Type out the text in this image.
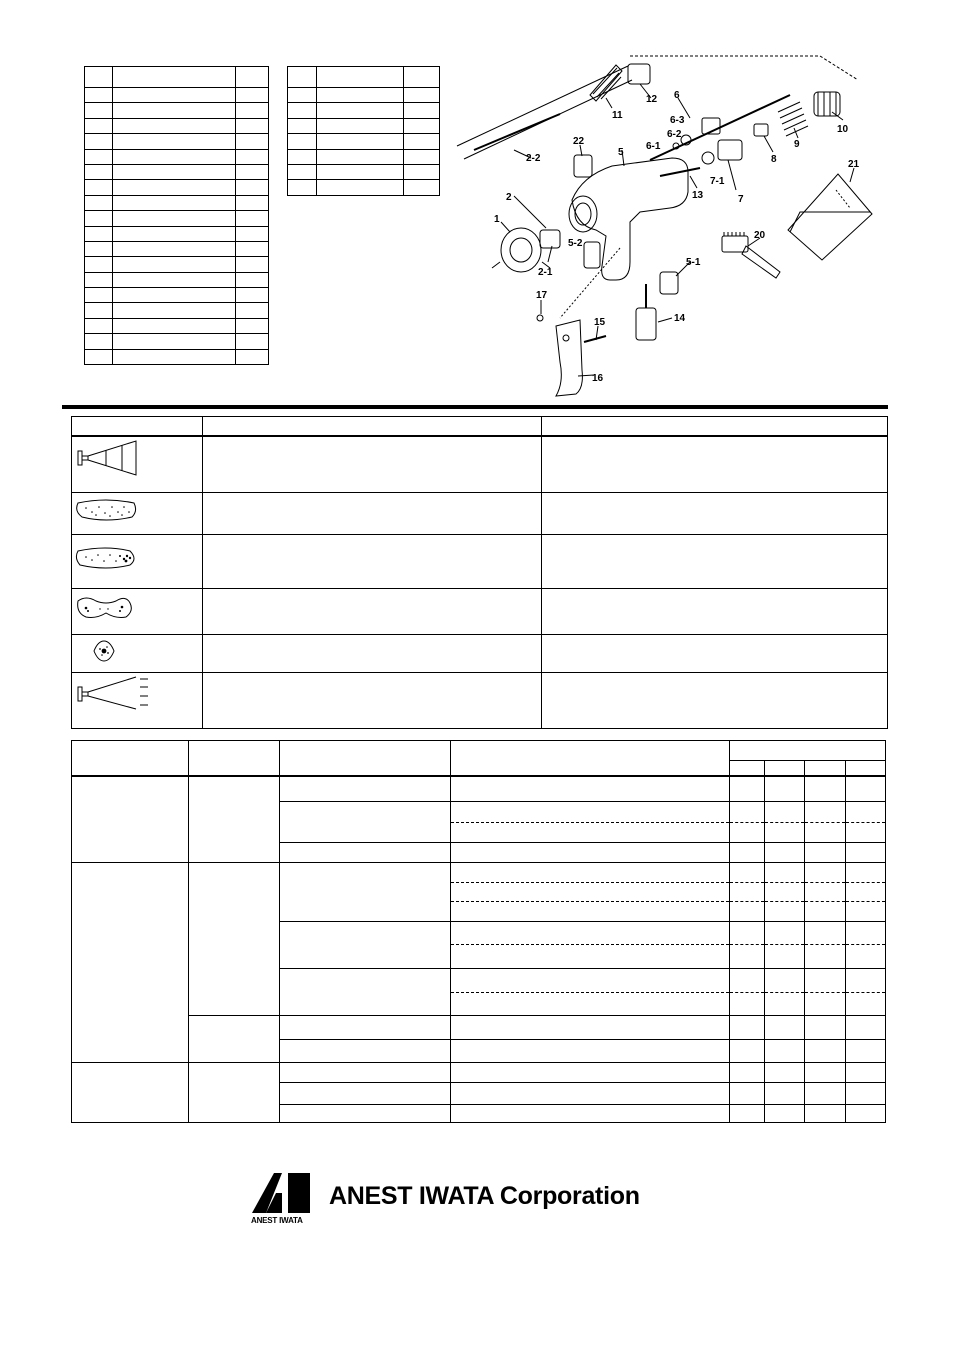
1
2
2-1
2-2
5
5-1
5-2
6
6-1
6-2
6-3
7
7-1
8
9
10
11
12
13
14
15
16
17
20
21
22

ANEST IWATA
ANEST IWATA Corporation
